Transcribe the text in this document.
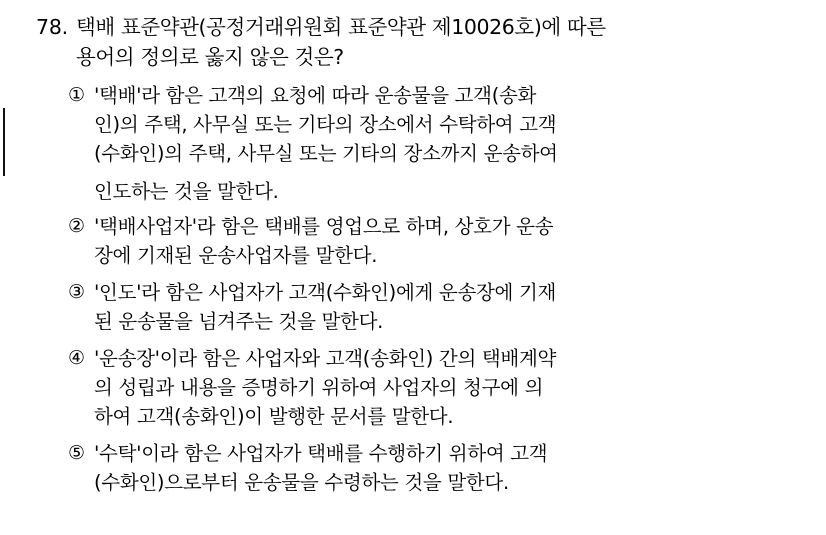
78. 택배 표준약관(공정거래위원회 표준약관 제10026호)에 따른
용어의 정의로 옳지 않은 것은?
① '택배'라 함은 고객의 요청에 따라 운송물을 고객(송화
인)의 주택, 사무실 또는 기타의 장소에서 수탁하여 고객
(수화인)의 주택, 사무실 또는 기타의 장소까지 운송하여
인도하는 것을 말한다.
② '택배사업자'라 함은 택배를 영업으로 하며, 상호가 운송
장에 기재된 운송사업자를 말한다.
③ '인도'라 함은 사업자가 고객(수화인)에게 운송장에 기재
된 운송물을 넘겨주는 것을 말한다.
④ '운송장'이라 함은 사업자와 고객(송화인) 간의 택배계약
의 성립과 내용을 증명하기 위하여 사업자의 청구에 의
하여 고객(송화인)이 발행한 문서를 말한다.
⑤ '수탁'이라 함은 사업자가 택배를 수행하기 위하여 고객
(수화인)으로부터 운송물을 수령하는 것을 말한다.
